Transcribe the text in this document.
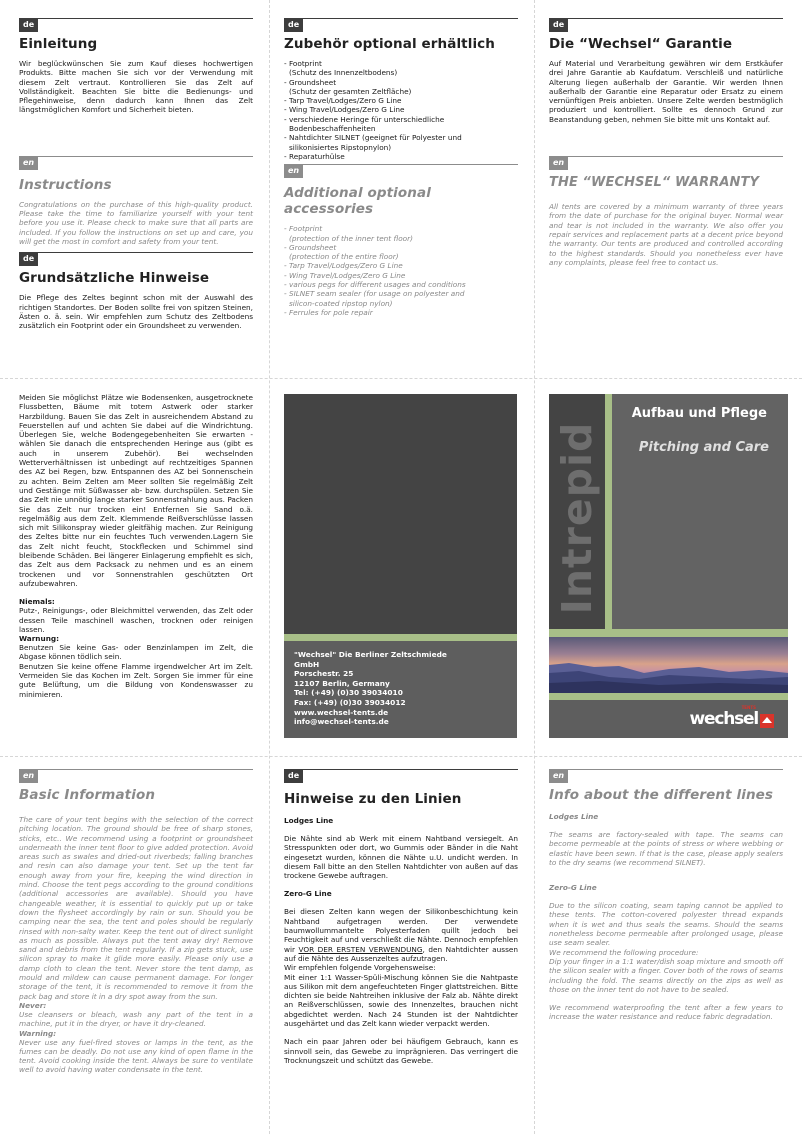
de
Einleitung

Wir beglückwünschen Sie zum Kauf dieses hochwertigen Produkts. Bitte machen Sie sich vor der Verwendung mit diesem Zelt vertraut. Kontrollieren Sie das Zelt auf Vollständigkeit. Beachten Sie bitte die Bedienungs- und Pflegehinweise, denn dadurch kann Ihnen das Zelt längstmöglichen Komfort und Sicherheit bieten.

en
Instructions

Congratulations on the purchase of this high-quality product. Please take the time to familiarize yourself with your tent before you use it. Please check to make sure that all parts are included. If you follow the instructions on set up and care, you will get the most in comfort and safety from your tent.

de
Grundsätzliche Hinweise

Die Pflege des Zeltes beginnt schon mit der Auswahl des richtigen Standortes. Der Boden sollte frei von spitzen Steinen, Ästen o. ä. sein. Wir empfehlen zum Schutz des Zeltbodens zusätzlich ein Footprint oder ein Groundsheet zu verwenden.

de
Zubehör optional erhältlich
- Footprint
(Schutz des Innenzeltbodens)
- Groundsheet
(Schutz der gesamten Zeltfläche)
- Tarp Travel/Lodges/Zero G Line
- Wing Travel/Lodges/Zero G Line
- verschiedene Heringe für unterschiedliche
Bodenbeschaffenheiten
- Nahtdichter SILNET (geeignet für Polyester und
silikonisiertes Ripstopnylon)
- Reparaturhülse
en
Additional optional accessories
- Footprint
(protection of the inner tent floor)
- Groundsheet
(protection of the entire floor)
- Tarp Travel/Lodges/Zero G Line
- Wing Travel/Lodges/Zero G Line
- various pegs for different usages and conditions
- SILNET seam sealer (for usage on polyester and
silicon-coated ripstop nylon)
- Ferrules for pole repair
de
Die “Wechsel“ Garantie

Auf Material und Verarbeitung gewähren wir dem Erstkäufer drei Jahre Garantie ab Kaufdatum. Verschleiß und natürliche Alterung liegen außerhalb der Garantie. Wir werden Ihnen außerhalb der Garantie eine Reparatur oder Ersatz zu einem vernünftigen Preis anbieten. Unsere Zelte werden bestmöglich produziert und kontrolliert. Sollte es dennoch Grund zur Beanstandung geben, nehmen Sie bitte mit uns Kontakt auf.

en
THE “WECHSEL“ WARRANTY

All tents are covered by a minimum warranty of three years from the date of purchase for the original buyer. Normal wear and tear is not included in the warranty. We also offer you repair services and replacement parts at a decent price beyond the warranty. Our tents are produced and controlled according to the highest standards. Should you nonetheless ever have any complaints, please feel free to contact us.

Meiden Sie möglichst Plätze wie Bodensenken, ausgetrocknete Flussbetten, Bäume mit totem Astwerk oder starker Harzbildung. Bauen Sie das Zelt in ausreichendem Abstand zu Feuerstellen auf und achten Sie dabei auf die Windrichtung. Überlegen Sie, welche Bodengegebenheiten Sie erwarten - wählen Sie danach die entsprechenden Heringe aus (gibt es auch in unserem Zubehör). Bei wechselnden Wetterverhältnissen ist unbedingt auf rechtzeitiges Spannen des AZ bei Regen, bzw. Entspannen des AZ bei Sonnenschein zu achten. Beim Zelten am Meer sollten Sie regelmäßig Zelt und Gestänge mit Süßwasser ab- bzw. durchspülen. Setzen Sie das Zelt nie unnötig lange starker Sonnenstrahlung aus. Packen Sie das Zelt nur trocken ein! Entfernen Sie Sand o.ä. regelmäßig aus dem Zelt. Klemmende Reißverschlüsse lassen sich mit Silikonspray wieder gleitfähig machen. Zur Reinigung des Zeltes bitte nur ein feuchtes Tuch verwenden.Lagern Sie das Zelt nicht feucht, Stockflecken und Schimmel sind bleibende Schäden. Bei längerer Einlagerung empfiehlt es sich, das Zelt aus dem Packsack zu nehmen und es an einem trockenen und vor Sonnenstrahlen geschützten Ort aufzubewahren.

Niemals:

Putz-, Reinigungs-, oder Bleichmittel verwenden, das Zelt oder dessen Teile maschinell waschen, trocknen oder reinigen lassen.

Warnung:

Benutzen Sie keine Gas- oder Benzinlampen im Zelt, die Abgase können tödlich sein.

Benutzen Sie keine offene Flamme irgendwelcher Art im Zelt. Vermeiden Sie das Kochen im Zelt. Sorgen Sie immer für eine gute Belüftung, um die Bildung von Kondenswasser zu minimieren.

"Wechsel" Die Berliner Zeltschmiede
GmbH
Porschestr. 25
12107 Berlin, Germany
Tel: (+49) (0)30 39034010
Fax: (+49) (0)30 39034012
www.wechsel-tents.de
info@wechsel-tents.de
Intrepid
Aufbau und Pflege
Pitching and Care
TENTS
wechsel
en
Basic Information

The care of your tent begins with the selection of the correct pitching location. The ground should be free of sharp stones, sticks, etc.. We recommend using a footprint or groundsheet underneath the inner tent floor to give added protection. Avoid areas such as swales and dried-out riverbeds; falling branches and resin can also damage your tent. Set up the tent far enough away from your fire, keeping the wind direction in mind. Choose the tent pegs according to the ground conditions (additional accessories are available). Should you have changeable weather, it is essential to quickly put up or take down the flysheet accordingly by rain or sun. Should you be camping near the sea, the tent and poles should be regularly rinsed with non-salty water. Keep the tent out of direct sunlight as much as possible. Always put the tent away dry! Remove sand and debris from the tent regularly. If a zip gets stuck, use silicon spray to make it glide more easily. Please only use a damp cloth to clean the tent. Never store the tent damp, as mould and mildew can cause permanent damage. For longer storage of the tent, it is recommended to remove it from the pack bag and store it in a dry spot away from the sun.

Never:

Use cleansers or bleach, wash any part of the tent in a machine, put it in the dryer, or have it dry-cleaned.

Warning:

Never use any fuel-fired stoves or lamps in the tent, as the fumes can be deadly. Do not use any kind of open flame in the tent. Avoid cooking inside the tent. Always be sure to ventilate well to avoid having water condensate in the tent.

de
Hinweise zu den Linien
Lodges Line

Die Nähte sind ab Werk mit einem Nahtband versiegelt. An Stresspunkten oder dort, wo Gummis oder Bänder in die Naht eingesetzt wurden, können die Nähte u.U. undicht werden. In diesem Fall bitte an den Stellen Nahtdichter von außen auf das trockene Gewebe auftragen.

Zero-G Line

Bei diesen Zelten kann wegen der Silikonbeschichtung kein Nahtband aufgetragen werden. Der verwendete baumwollummantelte Polyesterfaden quillt jedoch bei Feuchtigkeit auf und verschließt die Nähte. Dennoch empfehlen wir VOR DER ERSTEN VERWENDUNG, den Nahtdichter aussen auf die Nähte des Aussenzeltes aufzutragen.

Wir empfehlen folgende Vorgehensweise:

Mit einer 1:1 Wasser-Spüli-Mischung können Sie die Nahtpaste aus Silikon mit dem angefeuchteten Finger glattstreichen. Bitte dichten sie beide Nahtreihen inklusive der Falz ab. Nähte direkt an Reißverschlüssen, sowie des Innenzeltes, brauchen nicht abgedichtet werden. Nach 24 Stunden ist der Nahtdichter ausgehärtet und das Zelt kann wieder verpackt werden.

Nach ein paar Jahren oder bei häufigem Gebrauch, kann es sinnvoll sein, das Gewebe zu imprägnieren. Das verringert die Trocknungszeit und schützt das Gewebe.

en
Info about the different lines
Lodges Line

The seams are factory-sealed with tape. The seams can become permeable at the points of stress or where webbing or elastic have been sewn. If that is the case, please apply sealers to the dry seams (we recommend SILNET).

Zero-G Line

Due to the silicon coating, seam taping cannot be applied to these tents. The cotton-covered polyester thread expands when it is wet and thus seals the seams. Should the seams nonetheless become permeable after prolonged usage, please use seam sealer.

We recommend the following procedure:

Dip your finger in a 1:1 water/dish soap mixture and smooth off the silicon sealer with a finger. Cover both of the rows of seams including the fold. The seams directly on the zips as well as those on the inner tent do not have to be sealed.

We recommend waterproofing the tent after a few years to increase the water resistance and reduce fabric degradation.
